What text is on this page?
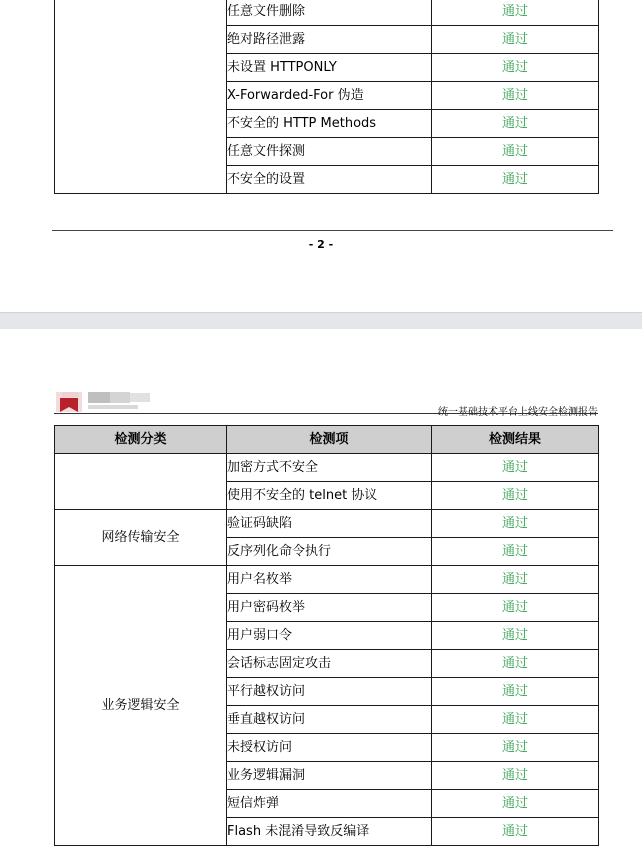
	任意文件删除	通过
	绝对路径泄露	通过
	未设置 HTTPONLY	通过
	X-Forwarded-For 伪造	通过
	不安全的 HTTP Methods	通过
	任意文件探测	通过
	不安全的设置	通过
- 2 -
统一基础技术平台上线安全检测报告
检测分类	检测项	检测结果
	加密方式不安全	通过
	使用不安全的 telnet 协议	通过
网络传输安全	验证码缺陷	通过
	反序列化命令执行	通过
业务逻辑安全	用户名枚举	通过
	用户密码枚举	通过
	用户弱口令	通过
	会话标志固定攻击	通过
	平行越权访问	通过
	垂直越权访问	通过
	未授权访问	通过
	业务逻辑漏洞	通过
	短信炸弹	通过
	Flash 未混淆导致反编译	通过
